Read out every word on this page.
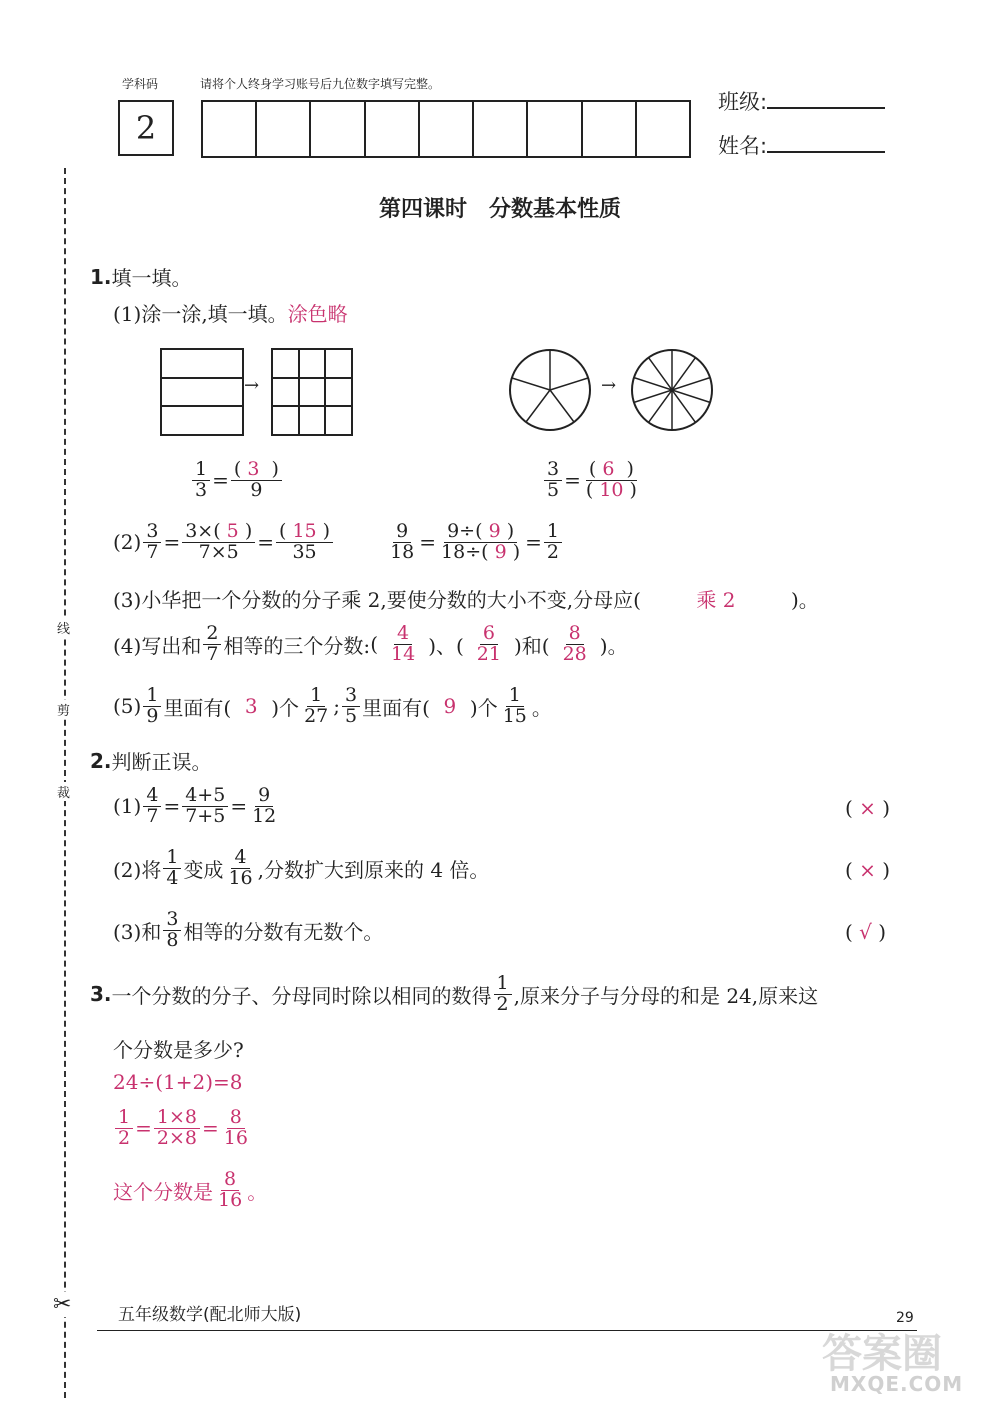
学科码	请将个人终身学习账号后九位数字填写完整。
2
班级:
姓名:
线
剪
裁
✂
第四课时　分数基本性质
1. 填一填。
(1)涂一涂,填一填。 涂色略
→	→
$\frac{1}{3} = \frac{( 3 )}{9}$	$\frac{3}{5} = \frac{( 6 )}{( 10 )}$
$(2) \frac{3}{7} = \frac{3\times( 5 )}{7\times 5} = \frac{( 15 )}{35}$	$\frac{9}{18} = \frac{9\div( 9 )}{18\div( 9 )} = \frac{1}{2}$
(3)小华把一个分数的分子乘 2,要使分数的大小不变,分母应(	乘 2	)。
(4)写出和 $\frac{2}{7}$ 相等的三个分数: ( $\frac{4}{14}$ )、( $\frac{6}{21}$ )和( $\frac{8}{28}$ )。
$(5) \frac{1}{9}$ 里面有( 3 )个 $\frac{1}{27}$ ; $\frac{3}{5}$ 里面有( 9 )个 $\frac{1}{15}$ 。
2. 判断正误。
$(1) \frac{4}{7} = \frac{4+5}{7+5} = \frac{9}{12}$	( × )
(2)将 $\frac{1}{4}$ 变成 $\frac{4}{16}$ ,分数扩大到原来的 4 倍。	( × )
(3)和 $\frac{3}{8}$ 相等的分数有无数个。	( √ )
3. 一个分数的分子、分母同时除以相同的数得 $\frac{1}{2}$ ,原来分子与分母的和是 24,原来这
个分数是多少?
24÷(1+2)=8
$\frac{1}{2} = \frac{1\times 8}{2\times 8} = \frac{8}{16}$
这个分数是 $\frac{8}{16}$ 。
五年级数学(配北师大版)	29
答案圈
MXQE.COM
